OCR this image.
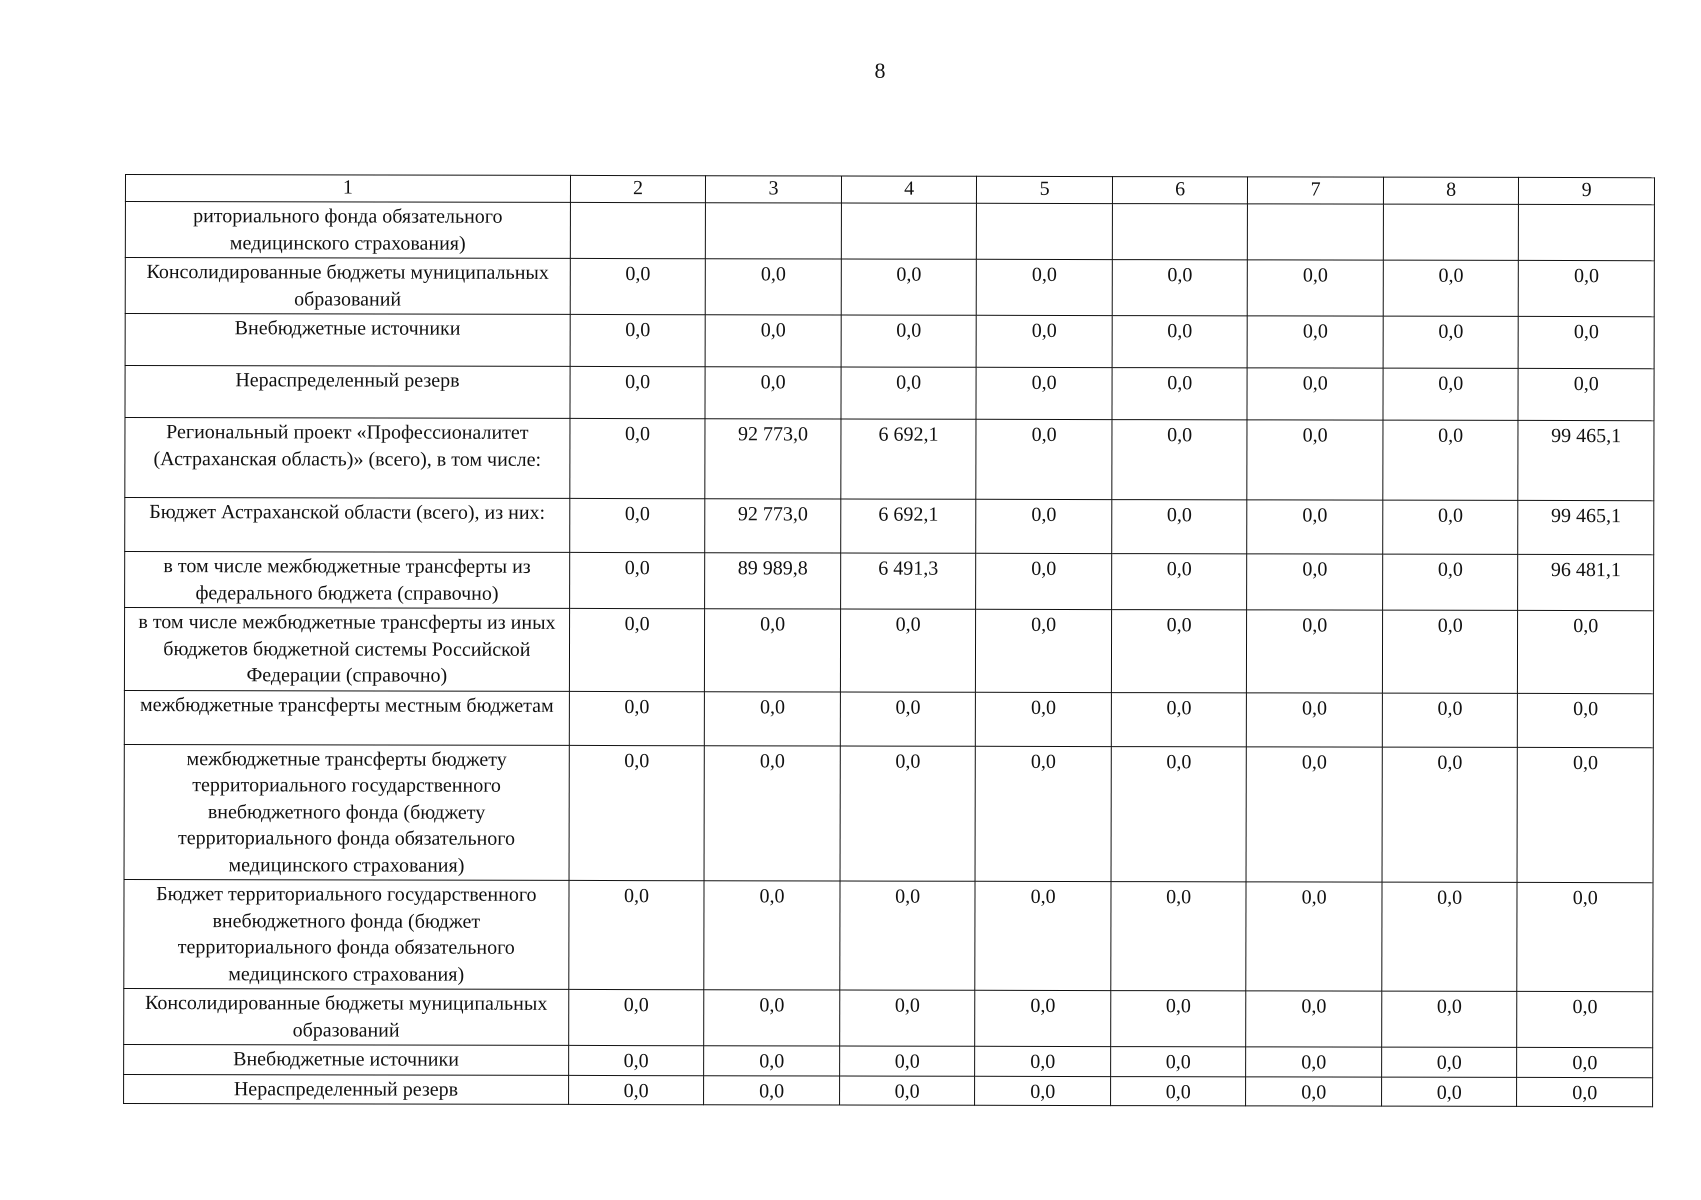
8
1	2	3	4	5	6	7	8	9
риториального фонда обязательного медицинского страхования)								
Консолидированные бюджеты муниципальных образований	0,0	0,0	0,0	0,0	0,0	0,0	0,0	0,0
Внебюджетные источники	0,0	0,0	0,0	0,0	0,0	0,0	0,0	0,0
Нераспределенный резерв	0,0	0,0	0,0	0,0	0,0	0,0	0,0	0,0
Региональный проект «Профессионалитет (Астраханская область)» (всего), в том числе:	0,0	92 773,0	6 692,1	0,0	0,0	0,0	0,0	99 465,1
Бюджет Астраханской области (всего), из них:	0,0	92 773,0	6 692,1	0,0	0,0	0,0	0,0	99 465,1
в том числе межбюджетные трансферты из федерального бюджета (справочно)	0,0	89 989,8	6 491,3	0,0	0,0	0,0	0,0	96 481,1
в том числе межбюджетные трансферты из иных бюджетов бюджетной системы Российской Федерации (справочно)	0,0	0,0	0,0	0,0	0,0	0,0	0,0	0,0
межбюджетные трансферты местным бюджетам	0,0	0,0	0,0	0,0	0,0	0,0	0,0	0,0
межбюджетные трансферты бюджету территориального государственного внебюджетного фонда (бюджету территориального фонда обязательного медицинского страхования)	0,0	0,0	0,0	0,0	0,0	0,0	0,0	0,0
Бюджет территориального государственного внебюджетного фонда (бюджет территориального фонда обязательного медицинского страхования)	0,0	0,0	0,0	0,0	0,0	0,0	0,0	0,0
Консолидированные бюджеты муниципальных образований	0,0	0,0	0,0	0,0	0,0	0,0	0,0	0,0
Внебюджетные источники	0,0	0,0	0,0	0,0	0,0	0,0	0,0	0,0
Нераспределенный резерв	0,0	0,0	0,0	0,0	0,0	0,0	0,0	0,0
